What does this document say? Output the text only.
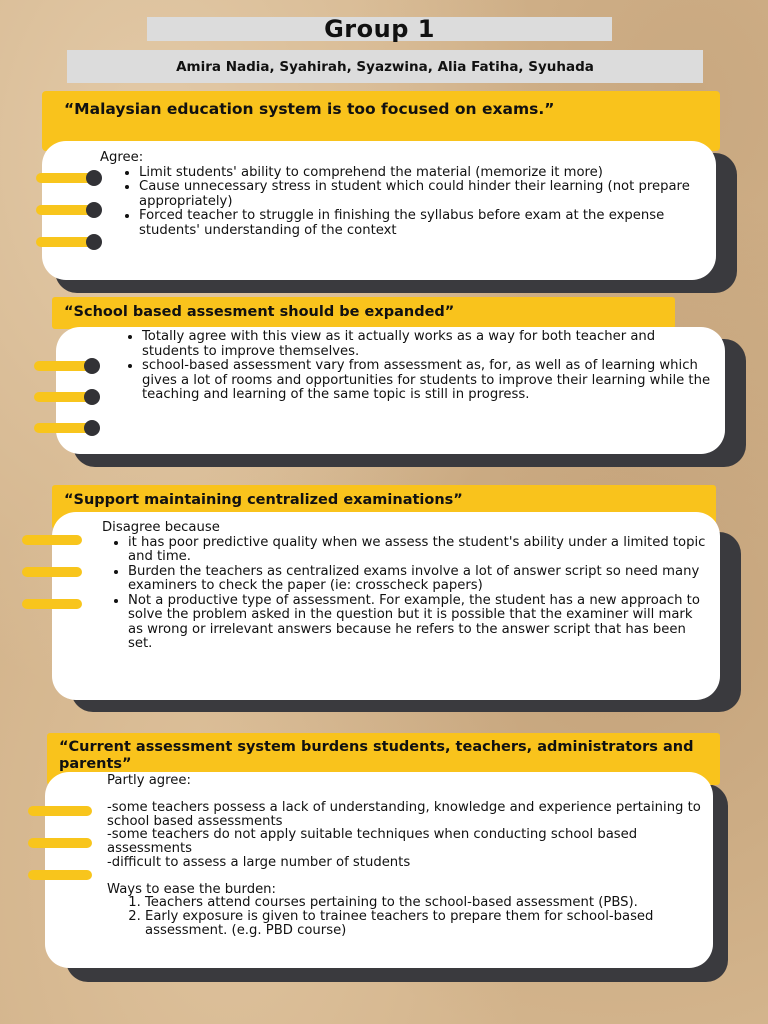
Group 1
Amira Nadia, Syahirah, Syazwina, Alia Fatiha, Syuhada
“Malaysian education system is too focused on exams.”
Agree:
• Limit students' ability to comprehend the material (memorize it more)
• Cause unnecessary stress in student which could hinder their learning (not prepare appropriately)
• Forced teacher to struggle in finishing the syllabus before exam at the expense students' understanding of the context
“School based assesment should be expanded”
• Totally agree with this view as it actually works as a way for both teacher and students to improve themselves.
• school-based assessment vary from assessment as, for, as well as of learning which gives a lot of rooms and opportunities for students to improve their learning while the teaching and learning of the same topic is still in progress.
“Support maintaining centralized examinations”
Disagree because
• it has poor predictive quality when we assess the student's ability under a limited topic and time.
• Burden the teachers as centralized exams involve a lot of answer script so need many examiners to check the paper (ie: crosscheck papers)
• Not a productive type of assessment. For example, the student has a new approach to solve the problem asked in the question but it is possible that the examiner will mark as wrong or irrelevant answers because he refers to the answer script that has been set.
“Current assessment system burdens students, teachers, administrators and parents”
Partly agree:
-some teachers possess a lack of understanding, knowledge and experience pertaining to school based assessments
-some teachers do not apply suitable techniques when conducting school based assessments
-difficult to assess a large number of students
Ways to ease the burden:
1. Teachers attend courses pertaining to the school-based assessment (PBS).
2. Early exposure is given to trainee teachers to prepare them for school-based assessment. (e.g. PBD course)
